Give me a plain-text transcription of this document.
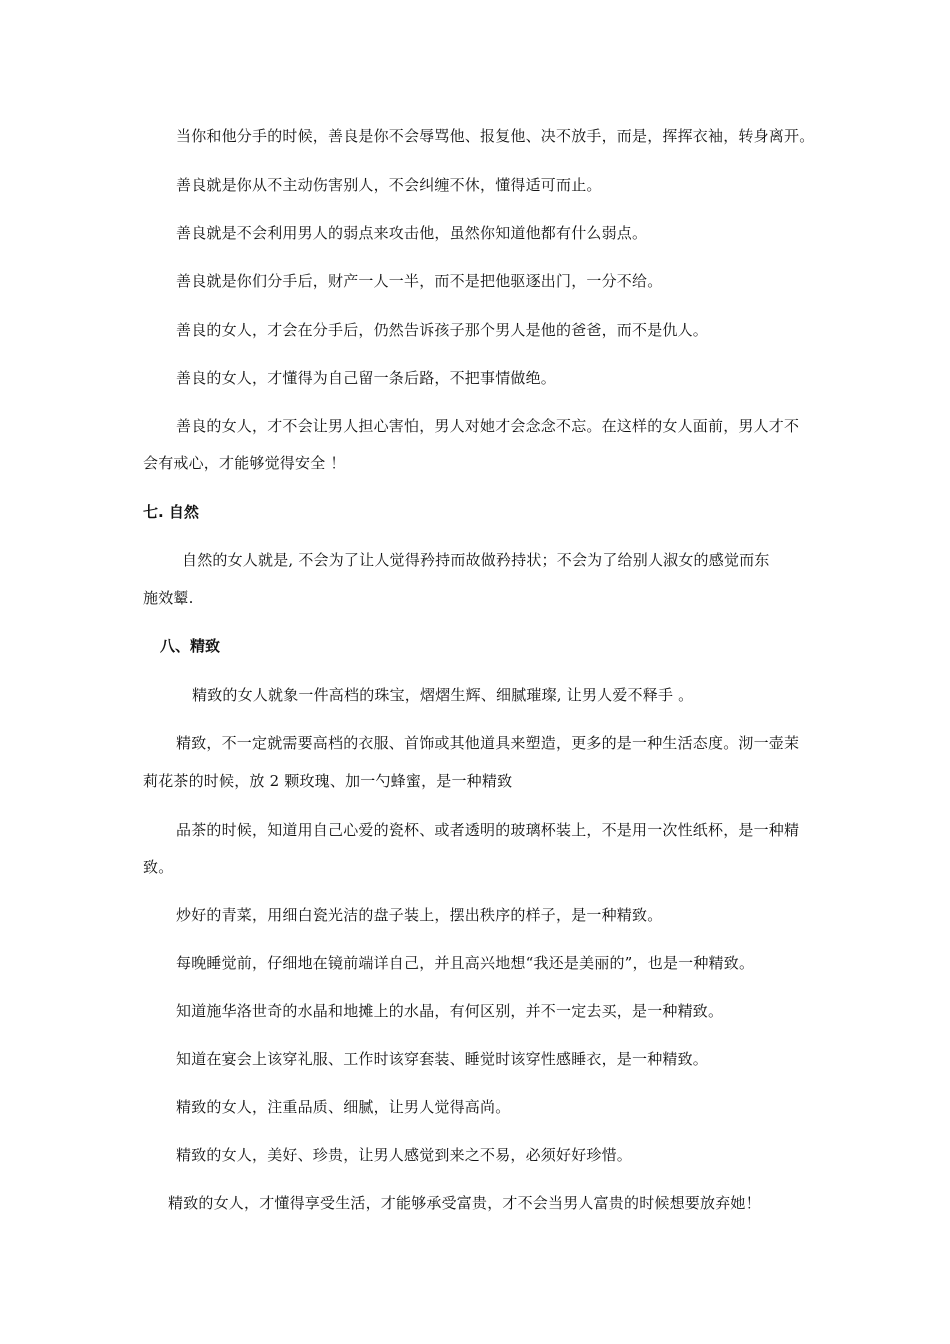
当你和他分手的时候，善良是你不会辱骂他、报复他、决不放手，而是，挥挥衣袖，转身离开。
善良就是你从不主动伤害别人，不会纠缠不休，懂得适可而止。
善良就是不会利用男人的弱点来攻击他，虽然你知道他都有什么弱点。
善良就是你们分手后，财产一人一半，而不是把他驱逐出门，一分不给。
善良的女人，才会在分手后，仍然告诉孩子那个男人是他的爸爸，而不是仇人。
善良的女人，才懂得为自己留一条后路，不把事情做绝。
善良的女人，才不会让男人担心害怕，男人对她才会念念不忘。在这样的女人面前，男人才不
会有戒心，才能够觉得安全 ！
七. 自然
自然的女人就是, 不会为了让人觉得矜持而故做矜持状；不会为了给别人淑女的感觉而东
施效颦.
八、精致
精致的女人就象一件高档的珠宝，熠熠生辉、细腻璀璨, 让男人爱不释手 。
精致，不一定就需要高档的衣服、首饰或其他道具来塑造，更多的是一种生活态度。沏一壶茉
莉花茶的时候，放 2 颗玫瑰、加一勺蜂蜜，是一种精致
品茶的时候，知道用自己心爱的瓷杯、或者透明的玻璃杯装上，不是用一次性纸杯，是一种精
致。
炒好的青菜，用细白瓷光洁的盘子装上，摆出秩序的样子，是一种精致。
每晚睡觉前，仔细地在镜前端详自己，并且高兴地想“我还是美丽的”，也是一种精致。
知道施华洛世奇的水晶和地摊上的水晶，有何区别，并不一定去买，是一种精致。
知道在宴会上该穿礼服、工作时该穿套装、睡觉时该穿性感睡衣，是一种精致。
精致的女人，注重品质、细腻，让男人觉得高尚。
精致的女人，美好、珍贵，让男人感觉到来之不易，必须好好珍惜。
精致的女人，才懂得享受生活，才能够承受富贵，才不会当男人富贵的时候想要放弃她！
